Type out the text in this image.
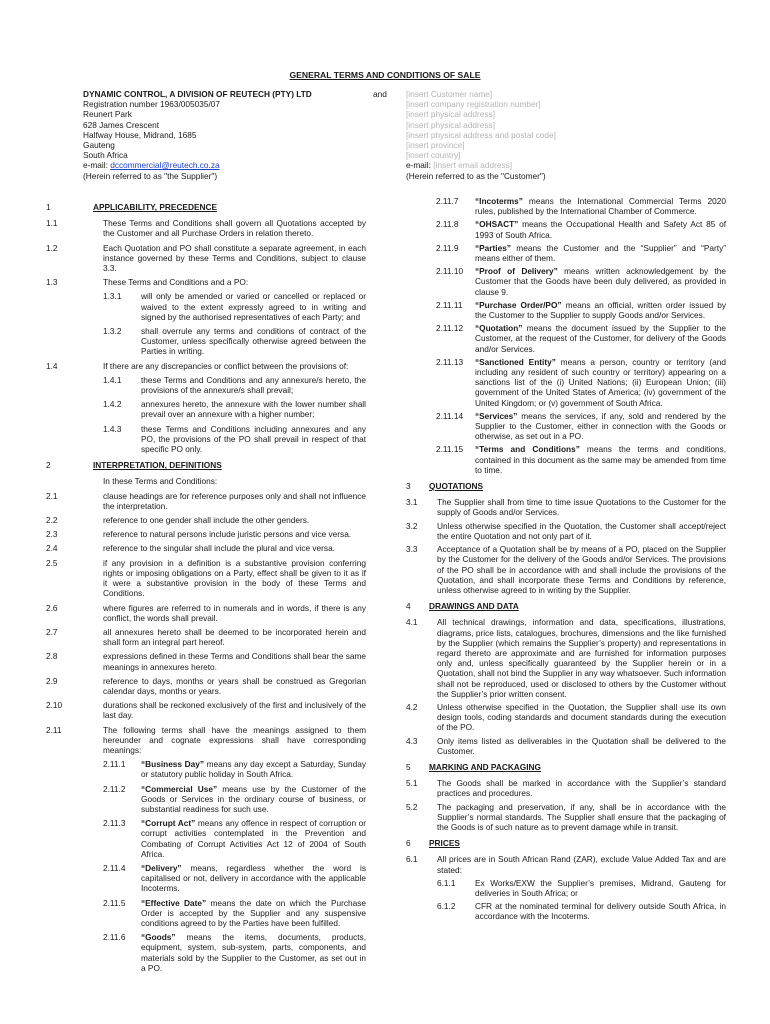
GENERAL TERMS AND CONDITIONS OF SALE
DYNAMIC CONTROL, A DIVISION OF REUTECH (PTY) LTD
Registration number 1963/005035/07
Reunert Park
628 James Crescent
Halfway House, Midrand, 1685
Gauteng
South Africa
e-mail: dccommercial@reutech.co.za
(Herein referred to as "the Supplier")
and [insert Customer name]
[insert company registration number]
[insert physical address]
[insert physical address]
[insert physical address and postal code]
[insert province]
[insert country]
e-mail: [insert email address]
(Herein referred to as the "Customer")
1	APPLICABILITY, PRECEDENCE
1.1	These Terms and Conditions shall govern all Quotations accepted by the Customer and all Purchase Orders in relation thereto.
1.2	Each Quotation and PO shall constitute a separate agreement, in each instance governed by these Terms and Conditions, subject to clause 3.3.
1.3	These Terms and Conditions and a PO:
1.3.1 will only be amended or varied or cancelled or replaced or waived to the extent expressly agreed to in writing and signed by the authorised representatives of each Party; and
1.3.2 shall overrule any terms and conditions of contract of the Customer, unless specifically otherwise agreed between the Parties in writing.
1.4	If there are any discrepancies or conflict between the provisions of:
1.4.1 these Terms and Conditions and any annexure/s hereto, the provisions of the annexure/s shall prevail;
1.4.2 annexures hereto, the annexure with the lower number shall prevail over an annexure with a higher number;
1.4.3 these Terms and Conditions including annexures and any PO, the provisions of the PO shall prevail in respect of that specific PO only.
2	INTERPRETATION, DEFINITIONS
In these Terms and Conditions:
2.1	clause headings are for reference purposes only and shall not influence the interpretation.
2.2	reference to one gender shall include the other genders.
2.3	reference to natural persons include juristic persons and vice versa.
2.4	reference to the singular shall include the plural and vice versa.
2.5	if any provision in a definition is a substantive provision conferring rights or imposing obligations on a Party, effect shall be given to it as if it were a substantive provision in the body of these Terms and Conditions.
2.6	where figures are referred to in numerals and in words, if there is any conflict, the words shall prevail.
2.7	all annexures hereto shall be deemed to be incorporated herein and shall form an integral part hereof.
2.8	expressions defined in these Terms and Conditions shall bear the same meanings in annexures hereto.
2.9	reference to days, months or years shall be construed as Gregorian calendar days, months or years.
2.10	durations shall be reckoned exclusively of the first and inclusively of the last day.
2.11	The following terms shall have the meanings assigned to them hereunder and cognate expressions shall have corresponding meanings:
2.11.1 “Business Day” means any day except a Saturday, Sunday or statutory public holiday in South Africa.
2.11.2 “Commercial Use” means use by the Customer of the Goods or Services in the ordinary course of business, or substantial readiness for such use.
2.11.3 “Corrupt Act” means any offence in respect of corruption or corrupt activities contemplated in the Prevention and Combating of Corrupt Activities Act 12 of 2004 of South Africa.
2.11.4 “Delivery” means, regardless whether the word is capitalised or not, delivery in accordance with the applicable Incoterms.
2.11.5 “Effective Date” means the date on which the Purchase Order is accepted by the Supplier and any suspensive conditions agreed to by the Parties have been fulfilled.
2.11.6 “Goods” means the items, documents, products, equipment, system, sub-system, parts, components, and materials sold by the Supplier to the Customer, as set out in a PO.
2.11.7 “Incoterms” means the International Commercial Terms 2020 rules, published by the International Chamber of Commerce.
2.11.8 “OHSACT” means the Occupational Health and Safety Act 85 of 1993 of South Africa.
2.11.9 “Parties” means the Customer and the “Supplier” and “Party” means either of them.
2.11.10 “Proof of Delivery” means written acknowledgement by the Customer that the Goods have been duly delivered, as provided in clause 9.
2.11.11 “Purchase Order/PO” means an official, written order issued by the Customer to the Supplier to supply Goods and/or Services.
2.11.12 “Quotation” means the document issued by the Supplier to the Customer, at the request of the Customer, for delivery of the Goods and/or Services.
2.11.13 “Sanctioned Entity” means a person, country or territory (and including any resident of such country or territory) appearing on a sanctions list of the (i) United Nations; (ii) European Union; (iii) government of the United States of America; (iv) government of the United Kingdom; or (v) government of South Africa.
2.11.14 “Services” means the services, if any, sold and rendered by the Supplier to the Customer, either in connection with the Goods or otherwise, as set out in a PO.
2.11.15 “Terms and Conditions” means the terms and conditions, contained in this document as the same may be amended from time to time.
3 QUOTATIONS
3.1 The Supplier shall from time to time issue Quotations to the Customer for the supply of Goods and/or Services.
3.2 Unless otherwise specified in the Quotation, the Customer shall accept/reject the entire Quotation and not only part of it.
3.3 Acceptance of a Quotation shall be by means of a PO, placed on the Supplier by the Customer for the delivery of the Goods and/or Services. The provisions of the PO shall be in accordance with and shall include the provisions of the Quotation, and shall incorporate these Terms and Conditions by reference, unless otherwise agreed to in writing by the Supplier.
4 DRAWINGS AND DATA
4.1 All technical drawings, information and data, specifications, illustrations, diagrams, price lists, catalogues, brochures, dimensions and the like furnished by the Supplier (which remains the Supplier’s property) and representations in regard thereto are approximate and are furnished for information purposes only and, unless specifically guaranteed by the Supplier herein or in a Quotation, shall not bind the Supplier in any way whatsoever. Such information shall not be reproduced, used or disclosed to others by the Customer without the Supplier’s prior written consent.
4.2 Unless otherwise specified in the Quotation, the Supplier shall use its own design tools, coding standards and document standards during the execution of the PO.
4.3 Only items listed as deliverables in the Quotation shall be delivered to the Customer.
5 MARKING AND PACKAGING
5.1 The Goods shall be marked in accordance with the Supplier’s standard practices and procedures.
5.2 The packaging and preservation, if any, shall be in accordance with the Supplier’s normal standards. The Supplier shall ensure that the packaging of the Goods is of such nature as to prevent damage while in transit.
6 PRICES
6.1 All prices are in South African Rand (ZAR), exclude Value Added Tax and are stated:
6.1.1 Ex Works/EXW the Supplier’s premises, Midrand, Gauteng for deliveries in South Africa; or
6.1.2 CFR at the nominated terminal for delivery outside South Africa, in accordance with the Incoterms.
